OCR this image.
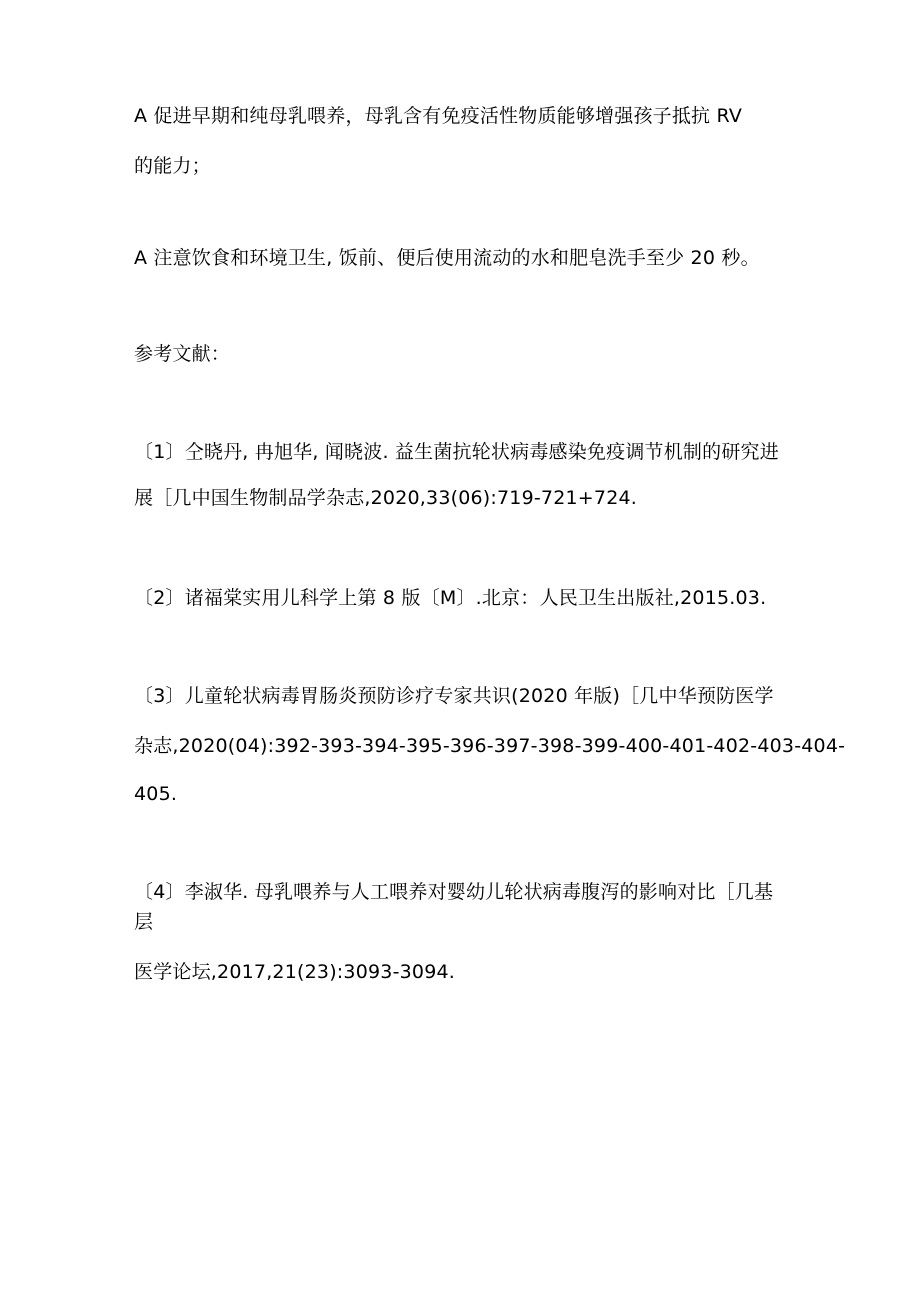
A 促进早期和纯母乳喂养，母乳含有免疫活性物质能够增强孩子抵抗 RV
的能力；
A 注意饮食和环境卫生, 饭前、便后使用流动的水和肥皂洗手至少 20 秒。
参考文献：
〔1〕仝晓丹, 冉旭华, 闻晓波. 益生菌抗轮状病毒感染免疫调节机制的研究进
展［几中国生物制品学杂志,2020,33(06):719-721+724.
〔2〕诸福棠实用儿科学上第 8 版〔M〕.北京：人民卫生出版社,2015.03.
〔3〕儿童轮状病毒胃肠炎预防诊疗专家共识(2020 年版)［几中华预防医学
杂志,2020(04):392-393-394-395-396-397-398-399-400-401-402-403-404-
405.
〔4〕李淑华. 母乳喂养与人工喂养对婴幼儿轮状病毒腹泻的影响对比［几基
层
医学论坛,2017,21(23):3093-3094.
